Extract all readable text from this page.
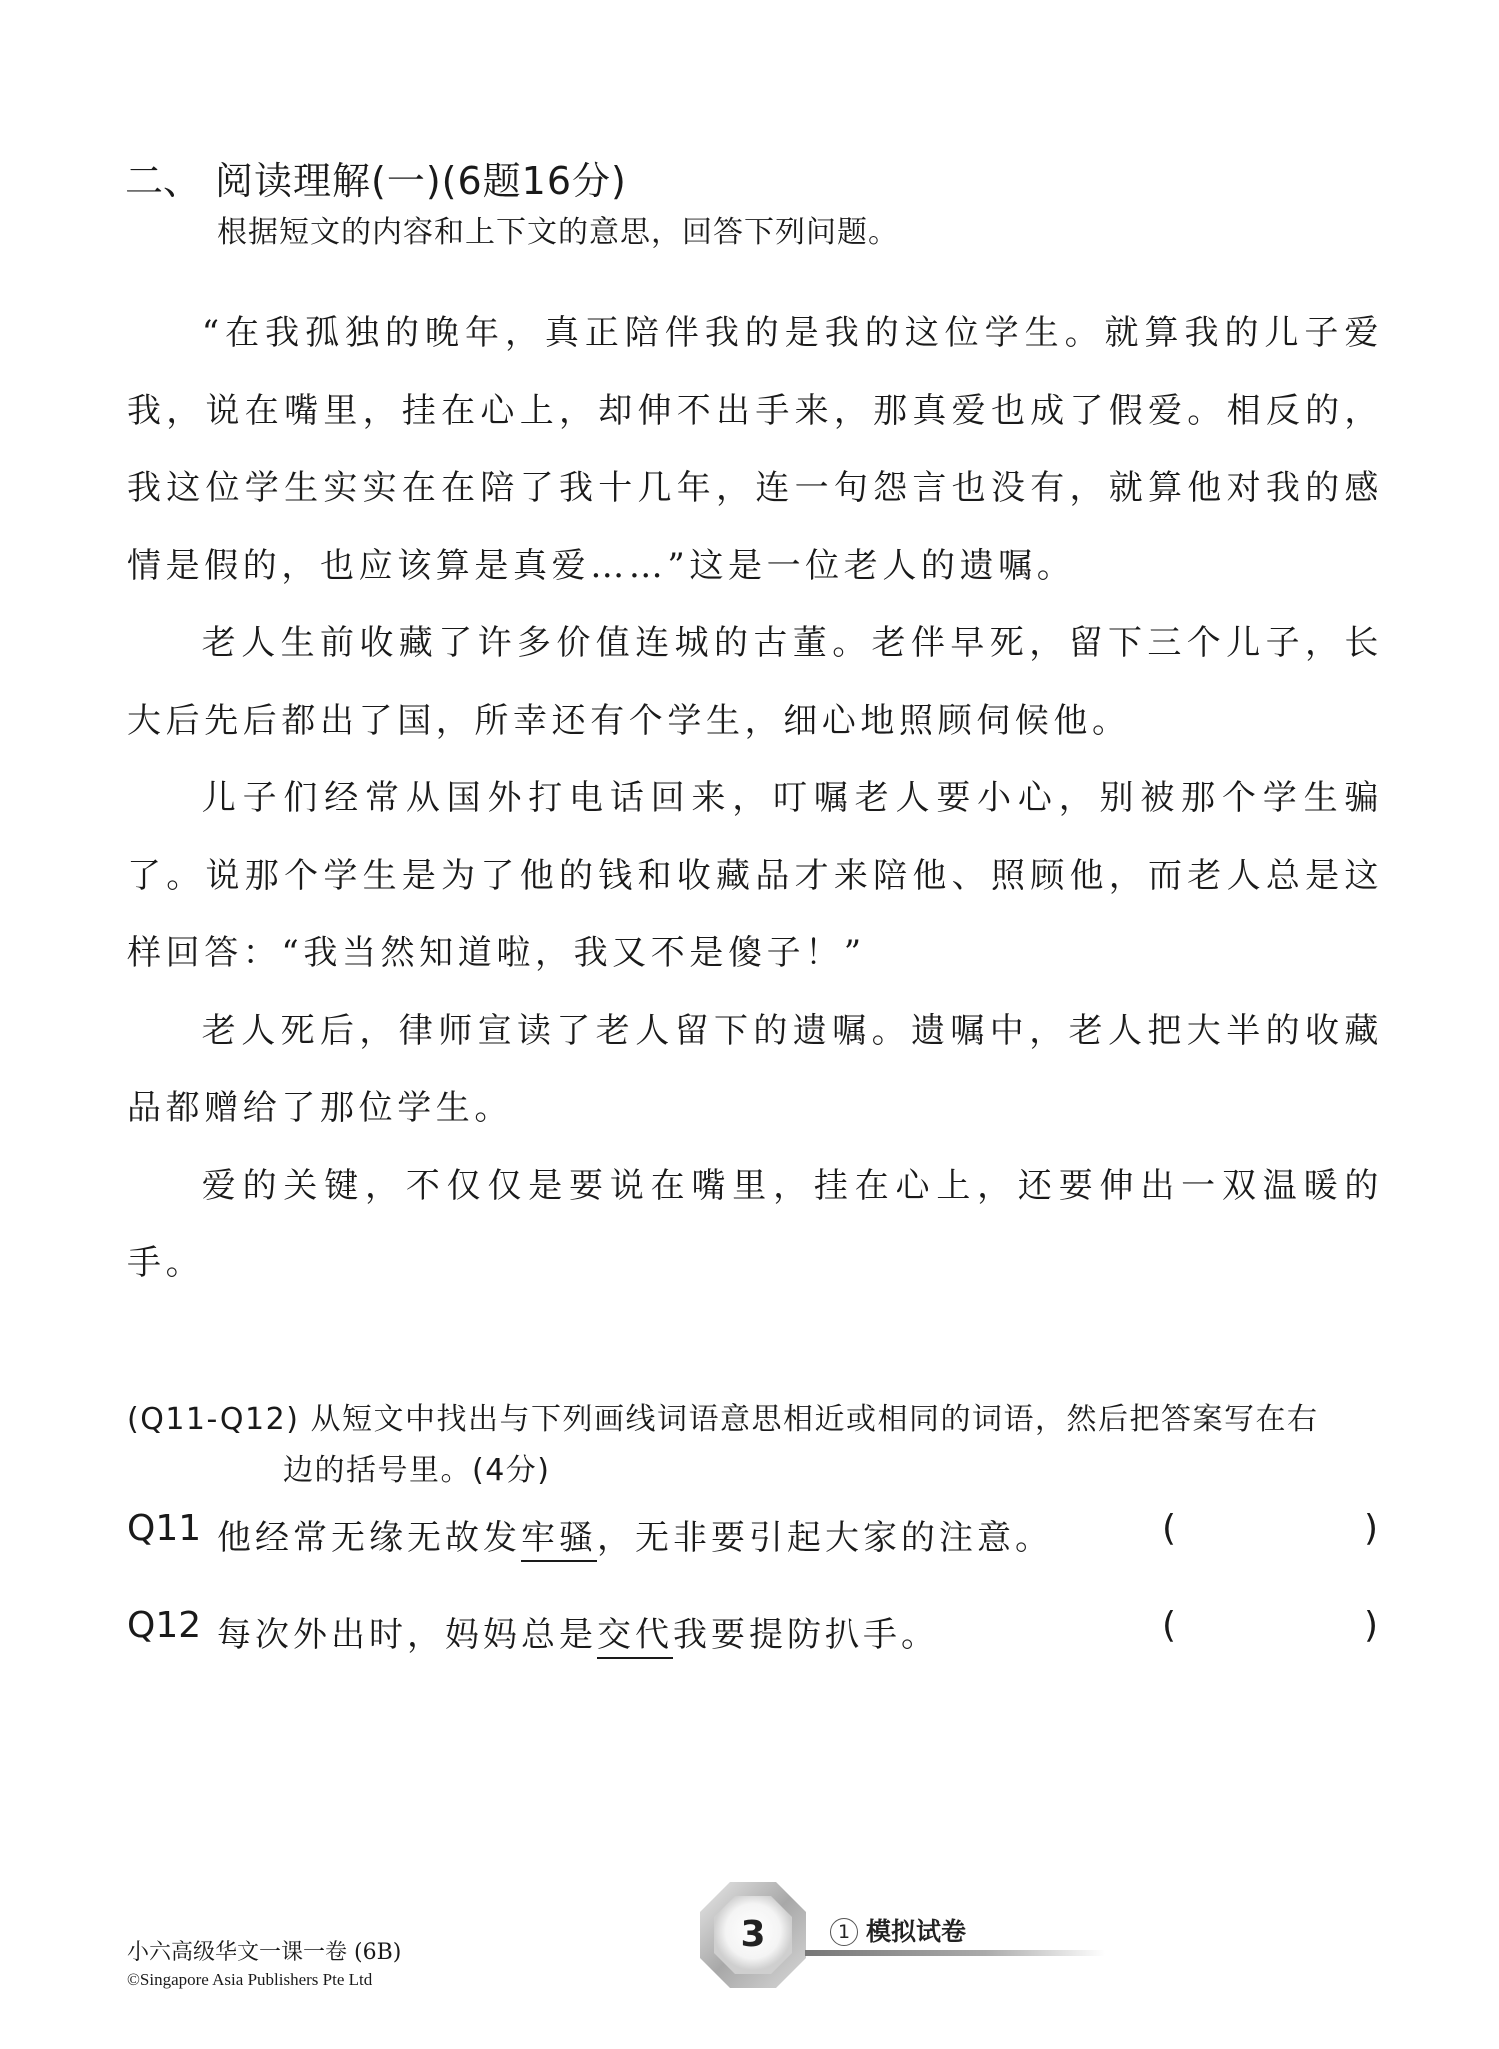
二、 阅读理解(一)(6题16分)
根据短文的内容和上下文的意思，回答下列问题。

“在我孤独的晚年，真正陪伴我的是我的这位学生。就算我的儿子爱我，说在嘴里，挂在心上，却伸不出手来，那真爱也成了假爱。相反的，我这位学生实实在在陪了我十几年，连一句怨言也没有，就算他对我的感情是假的，也应该算是真爱……”这是一位老人的遗嘱。

老人生前收藏了许多价值连城的古董。老伴早死，留下三个儿子，长大后先后都出了国，所幸还有个学生，细心地照顾伺候他。

儿子们经常从国外打电话回来，叮嘱老人要小心，别被那个学生骗了。说那个学生是为了他的钱和收藏品才来陪他、照顾他，而老人总是这样回答：“我当然知道啦，我又不是傻子！”

老人死后，律师宣读了老人留下的遗嘱。遗嘱中，老人把大半的收藏品都赠给了那位学生。

爱的关键，不仅仅是要说在嘴里，挂在心上，还要伸出一双温暖的手。

(Q11-Q12) 从短文中找出与下列画线词语意思相近或相同的词语，然后把答案写在右
边的括号里。(4分)
Q11 他经常无缘无故发牢骚，无非要引起大家的注意。	(	)
Q12 每次外出时，妈妈总是交代我要提防扒手。	(	)
小六高级华文一课一卷 (6B)
©Singapore Asia Publishers Pte Ltd
3	1 模拟试卷
